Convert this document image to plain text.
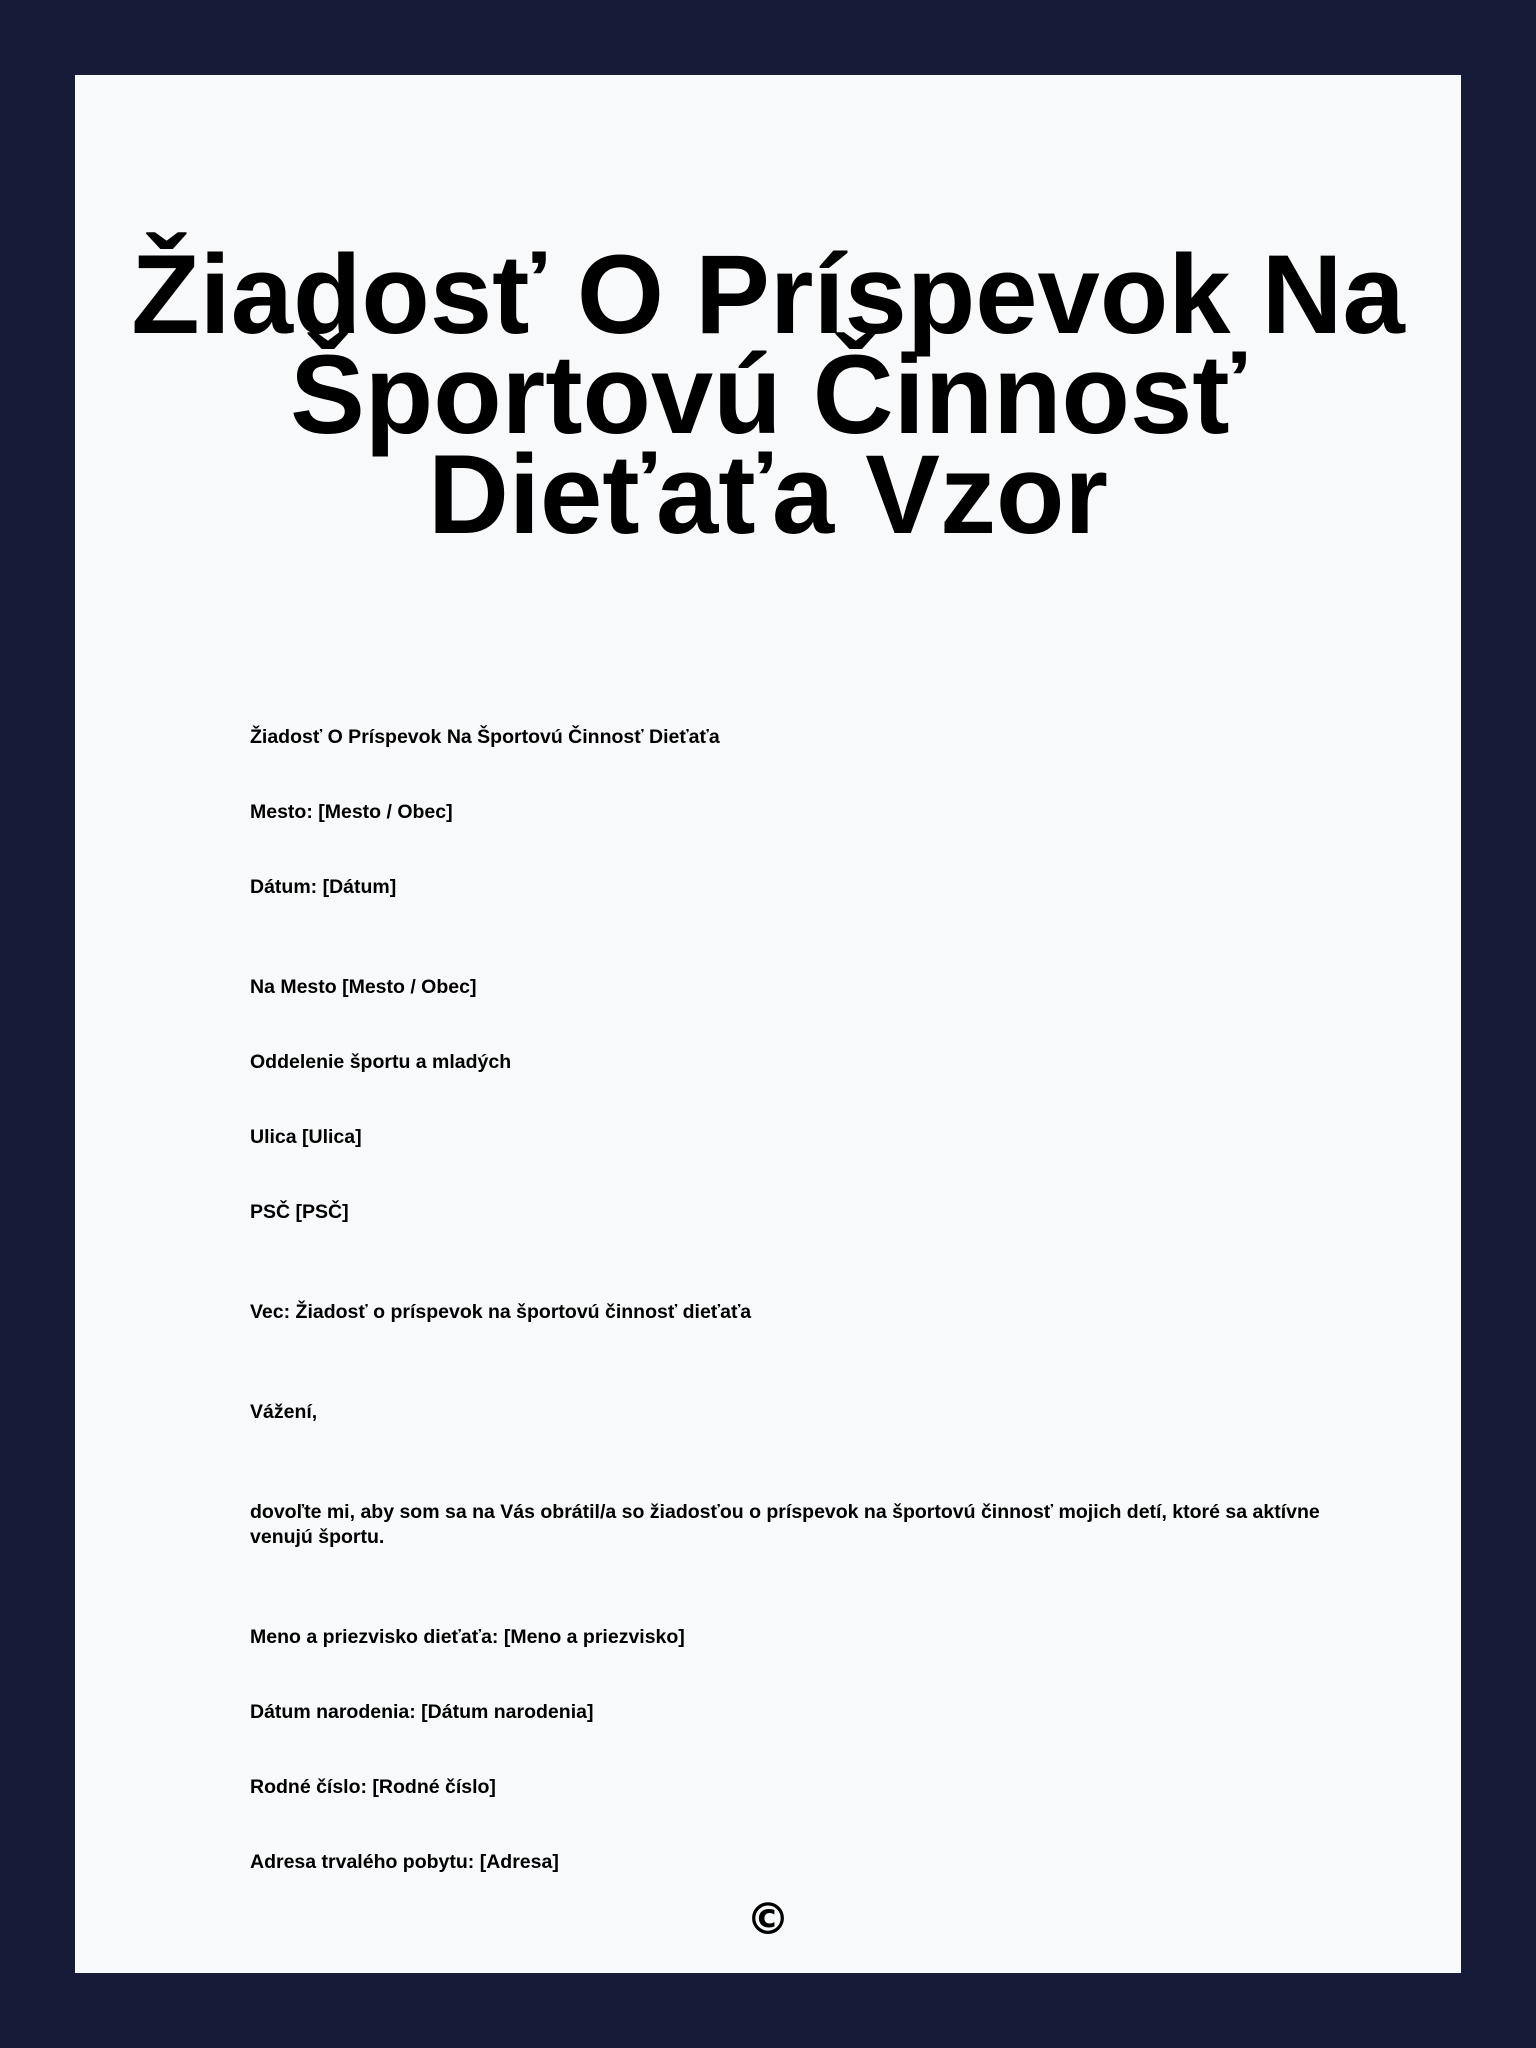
Žiadosť O Príspevok Na Športovú Činnosť Dieťaťa Vzor

Žiadosť O Príspevok Na Športovú Činnosť Dieťaťa

Mesto: [Mesto / Obec]

Dátum: [Dátum]

Na Mesto [Mesto / Obec]

Oddelenie športu a mladých

Ulica [Ulica]

PSČ [PSČ]

Vec: Žiadosť o príspevok na športovú činnosť dieťaťa

Vážení,

dovoľte mi, aby som sa na Vás obrátil/a so žiadosťou o príspevok na športovú činnosť mojich detí, ktoré sa aktívne venujú športu.

Meno a priezvisko dieťaťa: [Meno a priezvisko]

Dátum narodenia: [Dátum narodenia]

Rodné číslo: [Rodné číslo]

Adresa trvalého pobytu: [Adresa]

©
